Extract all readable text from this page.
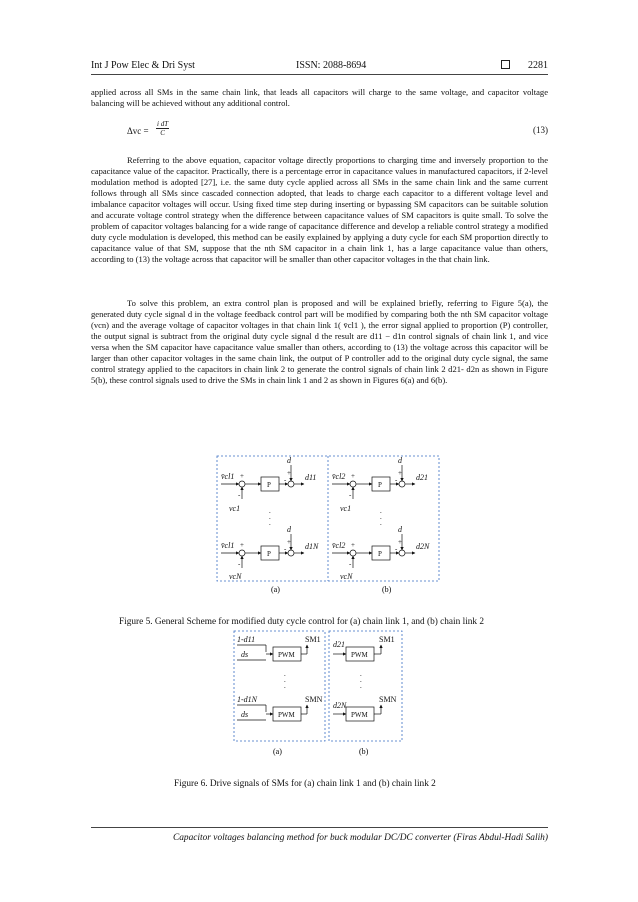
Int J Pow Elec & Dri Syst	ISSN: 2088-8694	2281
applied across all SMs in the same chain link, that leads all capacitors will charge to the same voltage, and capacitor voltage balancing will be achieved without any additional control.
$\Delta vc = \frac{\text{i dT}}{C}$	(13)
Referring to the above equation, capacitor voltage directly proportions to charging time and inversely proportion to the capacitance value of the capacitor. Practically, there is a percentage error in capacitance values in manufactured capacitors, if 2-level modulation method is adopted [27], i.e. the same duty cycle applied across all SMs in the same chain link and the same current follows through all SMs since cascaded connection adopted, that leads to charge each capacitor to a different voltage level and imbalance capacitor voltages will occur. Using fixed time step during inserting or bypassing SM capacitors can be suitable solution and accurate voltage control strategy when the difference between capacitance values of SM capacitors is quite small. To solve the problem of capacitor voltages balancing for a wide range of capacitance difference and develop a reliable control strategy a modified duty cycle modulation is developed, this method can be easily explained by applying a duty cycle for each SM proportion directly to capacitance value of that SM, suppose that the nth SM capacitor in a chain link 1, has a large capacitance value than others, according to (13) the voltage across that capacitor will be smaller than other capacitor voltages in the that chain link.
To solve this problem, an extra control plan is proposed and will be explained briefly, referring to Figure 5(a), the generated duty cycle signal d in the voltage feedback control part will be modified by comparing both the nth SM capacitor voltage (vcn) and the average voltage of capacitor voltages in that chain link 1( v̄cl1 ), the error signal applied to proportion (P) controller, the output signal is subtract from the original duty cycle signal d the result are d11 − d1n control signals of chain link 1, and vice versa when the SM capacitor have capacitance value smaller than others, according to (13) the voltage across this capacitor will be larger than other capacitor voltages in the same chain link, the output of P controller add to the original duty cycle signal, the same control strategy applied to the capacitors in chain link 2 to generate the control signals of chain link 2 d21- d2n as shown in Figure 5(b), these control signals used to drive the SMs in chain link 1 and 2 as shown in Figures 6(a) and 6(b).
v̄cl1 +
P
d
+
- d11
-
vc1	.
.
.
v̄cl1 +
P
d
+
- d1N
-
vcN
v̄cl2 +
P
d
+
- d21
-
vc1	.
.
.
v̄cl2 +
P
d
+
- d2N
-
vcN
(a)	(b)
Figure 5. General Scheme for modified duty cycle control for (a) chain link 1, and (b) chain link 2
1-d11
ds	PWM
SM1
.
.
.
1-d1N
ds	PWM
SMN
d21
PWM
SM1
.
.
.
d2N
PWM
SMN
(a)	(b)
Figure 6. Drive signals of SMs for (a) chain link 1 and (b) chain link 2
Capacitor voltages balancing method for buck modular DC/DC converter (Firas Abdul-Hadi Salih)
